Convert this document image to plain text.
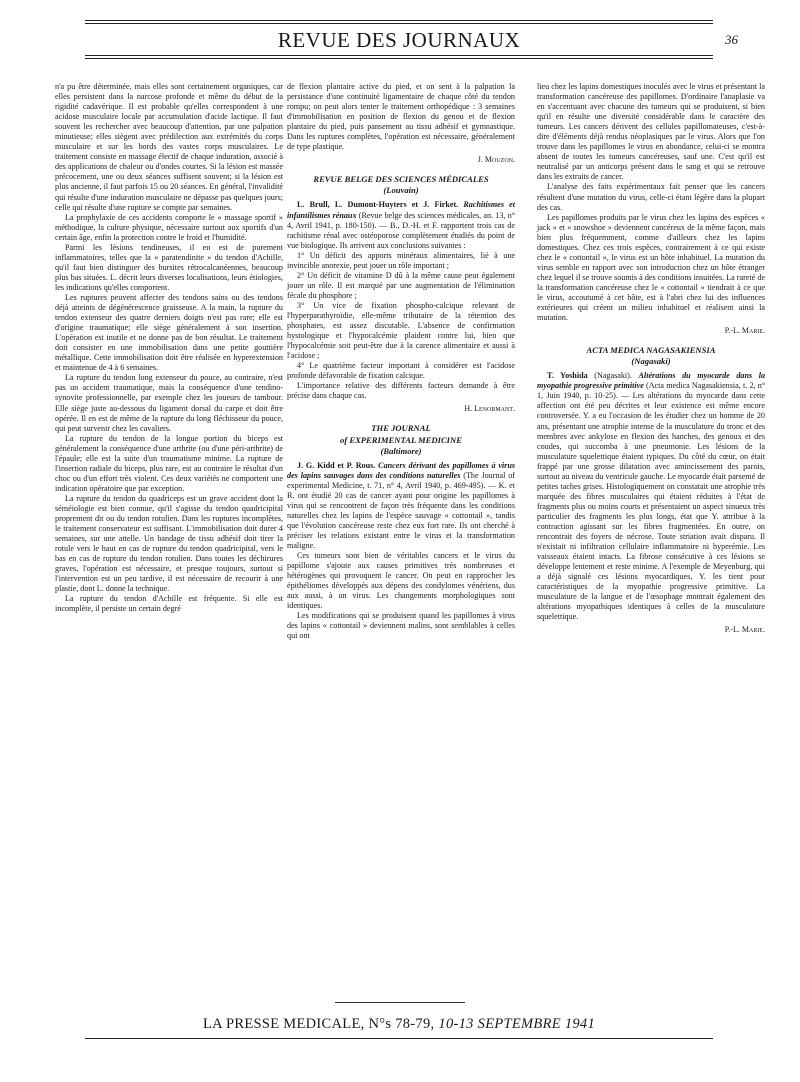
REVUE DES JOURNAUX	36

n'a pu être déterminée, mais elles sont certainement organiques, car elles persistent dans la narcose profonde et même du début de la rigidité cadavérique. Il est probable qu'elles correspondent à une acidose musculaire locale par accumulation d'acide lactique. Il faut souvent les rechercher avec beaucoup d'attention, par une palpation minutieuse; elles siègent avec prédilection aux extrémités du corps musculaire et sur les bords des vastes corps musculaires. Le traitement consiste en massage électif de chaque induration, associé à des applications de chaleur ou d'ondes courtes. Si la lésion est massée précocement, une ou deux séances suffisent souvent; si la lésion est plus ancienne, il faut parfois 15 ou 20 séances. En général, l'invalidité qui résulte d'une induration musculaire ne dépasse pas quelques jours; celle qui résulte d'une rupture se compte par semaines.

La prophylaxie de ces accidents comporte le « massage sportif » méthodique, la culture physique, nécessaire surtout aux sportifs d'un certain âge, enfin la protection contre le froid et l'humidité.

Parmi les lésions tendineuses, il en est de purement inflammatoires, telles que la « paratendinite » du tendon d'Achille, qu'il faut bien distinguer des bursites rétrocalcanéennes, beaucoup plus bas situées. L. décrit leurs diverses localisations, leurs étiologies, les indications qu'elles comportent.

Les ruptures peuvent affecter des tendons sains ou des tendons déjà atteints de dégénérescence graisseuse. A la main, la rupture du tendon extenseur des quatre derniers doigts n'est pas rare; elle est d'origine traumatique; elle siège généralement à son insertion. L'opération est inutile et ne donne pas de bon résultat. Le traitement doit consister en une immobilisation dans une petite gouttière métallique. Cette immobilisation doit être réalisée en hyperextension et maintenue de 4 à 6 semaines.

La rupture du tendon long extenseur du pouce, au contraire, n'est pas un accident traumatique, mais la conséquence d'une tendino-synovite professionnelle, par exemple chez les joueurs de tambour. Elle siège juste au-dessous du ligament dorsal du carpe et doit être opérée. Il en est de même de la rupture du long fléchisseur du pouce, qui peut survenir chez les cavaliers.

La rupture du tendon de la longue portion du biceps est généralement la conséquence d'une arthrite (ou d'une péri-arthrite) de l'épaule; elle est la suite d'un traumatisme minime. La rupture de l'insertion radiale du biceps, plus rare, est au contraire le résultat d'un choc ou d'un effort très violent. Ces deux variétés ne comportent une indication opératoire que par exception.

La rupture du tendon du quadriceps est un grave accident dont la séméiologie est bien connue, qu'il s'agisse du tendon quadricipital proprement dit ou du tendon rotulien. Dans les ruptures incomplètes, le traitement conservateur est suffisant. L'immobilisation doit durer 4 semaines, sur une attelle. Un bandage de tissu adhésif doit tirer la rotule vers le haut en cas de rupture du tendon quadricipital, vers le bas en cas de rupture du tendon rotulien. Dans toutes les déchirures graves, l'opération est nécessaire, et presque toujours, surtout si l'intervention est un peu tardive, il est nécessaire de recourir à une plastie, dont L. donne la technique.

La rupture du tendon d'Achille est fréquente. Si elle est incomplète, il persiste un certain degré

de flexion plantaire active du pied, et on sent à la palpation la persistance d'une continuité ligamentaire de chaque côté du tendon rompu; on peut alors tenter le traitement orthopédique : 3 semaines d'immobilisation en position de flexion du genou et de flexion plantaire du pied, puis pansement au tissu adhésif et gymnastique. Dans les ruptures complètes, l'opération est nécessaire, généralement de type plastique.

J. Mouzon.
REVUE BELGE DES SCIENCES MÉDICALES
(Louvain)

L. Brull, L. Dumont-Huyters et J. Firket. Rachitismes et infantilismes rénaux (Revue belge des sciences médicales, an. 13, n° 4, Avril 1941, p. 180-150). — B., D.-H. et F. rapportent trois cas de rachitisme rénal avec ostéoporose complètement étudiés du point de vue biologique. Ils arrivent aux conclusions suivantes :

1° Un déficit des apports minéraux alimentaires, lié à une invincible anorexie, peut jouer un rôle important ;

2° Un déficit de vitamine D dû à la même cause peut également jouer un rôle. Il est marqué par une augmentation de l'élimination fécale du phosphore ;

3° Un vice de fixation phospho-calcique relevant de l'hyperparathyroïdie, elle-même tributaire de la rétention des phosphates, est assez discutable. L'absence de confirmation hystologique et l'hypocalcémie plaident contre lui, bien que l'hypocalcémie soit peut-être due à la carence alimentaire et aussi à l'acidose ;

4° Le quatrième facteur important à considérer est l'acidose profonde défavorable de fixation calcique.

L'importance relative des différents facteurs demande à être précise dans chaque cas.

H. Lenormant.
THE JOURNAL
of EXPERIMENTAL MEDICINE
(Baltimore)

J. G. Kidd et P. Rous. Cancers dérivant des papillomes à virus des lapins sauvages dans des conditions naturelles (The Journal of experimental Medicine, t. 71, n° 4, Avril 1940, p. 469-495). — K. et R. ont étudié 20 cas de cancer ayant pour origine les papillomes à virus qui se rencontrent de façon très fréquente dans les conditions naturelles chez les lapins de l'espèce sauvage « cottontail », tandis que l'évolution cancéreuse reste chez eux fort rare. Ils ont cherché à préciser les relations existant entre le virus et la transformation maligne.

Ces tumeurs sont bien de véritables cancers et le virus du papillome s'ajoute aux causes primitives très nombreuses et hétérogènes qui provoquent le cancer. On peut en rapprocher les épithéliomes développés aux dépens des condylomes vénériens, dus aux aussi, à un virus. Les changements morphologiques sont identiques.

Les modifications qui se produisent quand les papillomes à virus des lapins « cottontail » deviennent malins, sont semblables à celles qui ont

lieu chez les lapins domestiques inoculés avec le virus et présentant la transformation cancéreuse des papillomes. D'ordinaire l'anaplasie va en s'accentuant avec chacune des tumeurs qui se produisent, si bien qu'il en résulte une diversité considérable dans le caractère des tumeurs. Les cancers dérivent des cellules papillomateuses, c'est-à-dire d'éléments déjà rendus néoplasiques par le virus. Alors que l'on trouve dans les papillomes le virus en abondance, celui-ci se montra absent de toutes les tumeurs cancéreuses, sauf une. C'est qu'il est neutralisé par un anticorps présent dans le sang et qui se retrouve dans les extraits de cancer.

L'analyse des faits expérimentaux fait penser que les cancers résultent d'une mutation du virus, celle-ci étant légère dans la plupart des cas.

Les papillomes produits par le virus chez les lapins des espèces « jack » et « snowshoe » deviennent cancéreux de la même façon, mais bien plus fréquemment, comme d'ailleurs chez les lapins domestiques. Chez ces trois espèces, contrairement à ce qui existe chez le « cottontail », le virus est un hôte inhabituel. La mutation du virus semble en rapport avec son introduction chez un hôte étranger chez lequel il se trouve soumis à des conditions insuitées. La rareté de la transformation cancéreuse chez le « cottontail » tiendrait à ce que le virus, accoutumé à cet hôte, est à l'abri chez lui des influences extérieures qui créent un milieu inhabituel et réalisent ainsi la mutation.

P.-L. Marie.
ACTA MEDICA NAGASAKIENSIA
(Nagasaki)

T. Yoshida (Nagasaki). Altérations du myocarde dans la myopathie progressive primitive (Acta medica Nagasakiensia, t. 2, n° 1, Juin 1940, p. 10-25). — Les altérations du myocarde dans cette affection ont été peu décrites et leur existence est même encore controversée. Y. a eu l'occasion de les étudier chez un homme de 20 ans, présentant une atrophie intense de la musculature du tronc et des membres avec ankylose en flexion des hanches, des genoux et des coudes, qui succomba à une pneumonie. Les lésions de la musculature squelettique étaient typiques. Du côté du cœur, on était frappé par une grosse dilatation avec amincissement des parois, surtout au niveau du ventricule gauche. Le myocarde était parsemé de petites taches grises. Histologiquement on constatait une atrophie très marquée des fibres musculaires qui étaient réduites à l'état de fragments plus ou moins courts et présentaient un aspect sinueux très particulier des fragments les plus longs, état que Y. attribue à la contraction agissant sur les fibres fragmentées. En outre, on rencontrait des foyers de nécrose. Toute striation avait disparu. Il n'existait ni infiltration cellulaire inflammatoire ni hyperémie. Les vaisseaux étaient intacts. La fibrose consécutive à ces lésions se développe lentement et reste minime. A l'exemple de Meyenburg, qui a déjà signalé ces lésions myocardiques, Y. les tient pour caractéristiques de la myopathie progressive primitive. La musculature de la langue et de l'œsophage montrait également des altérations myopathiques identiques à celles de la musculature squelettique.

P.-L. Marie.
LA PRESSE MEDICALE, N°s 78-79, 10-13 SEPTEMBRE 1941
